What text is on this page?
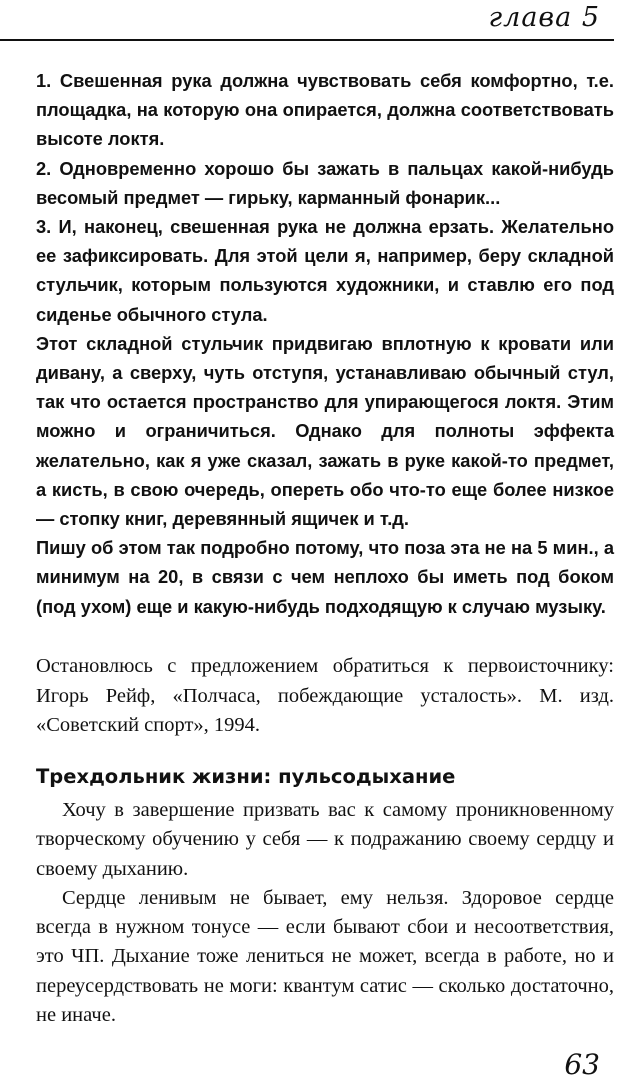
глава 5

1. Свешенная рука должна чувствовать себя комфортно, т.е. площадка, на которую она опирается, должна соответствовать высоте локтя.

2. Одновременно хорошо бы зажать в пальцах какой-нибудь весомый предмет — гирьку, карманный фонарик...

3. И, наконец, свешенная рука не должна ерзать. Желательно ее зафиксировать. Для этой цели я, например, беру складной стульчик, которым пользуются художники, и ставлю его под сиденье обычного стула.

Этот складной стульчик придвигаю вплотную к кровати или дивану, а сверху, чуть отступя, устанавливаю обычный стул, так что остается пространство для упирающегося локтя. Этим можно и ограничиться. Однако для полноты эффекта желательно, как я уже сказал, зажать в руке какой-то предмет, а кисть, в свою очередь, опереть обо что-то еще более низкое — стопку книг, деревянный ящичек и т.д.

Пишу об этом так подробно потому, что поза эта не на 5 мин., а минимум на 20, в связи с чем неплохо бы иметь под боком (под ухом) еще и какую-нибудь подходящую к случаю музыку.

Остановлюсь с предложением обратиться к первоисточнику: Игорь Рейф, «Полчаса, побеждающие усталость». М. изд. «Советский спорт», 1994.

Трехдольник жизни: пульсодыхание

Хочу в завершение призвать вас к самому проникновенному творческому обучению у себя — к подражанию своему сердцу и своему дыханию.

Сердце ленивым не бывает, ему нельзя. Здоровое сердце всегда в нужном тонусе — если бывают сбои и несоответствия, это ЧП. Дыхание тоже лениться не может, всегда в работе, но и переусердствовать не моги: квантум сатис — сколько достаточно, не иначе.

63
